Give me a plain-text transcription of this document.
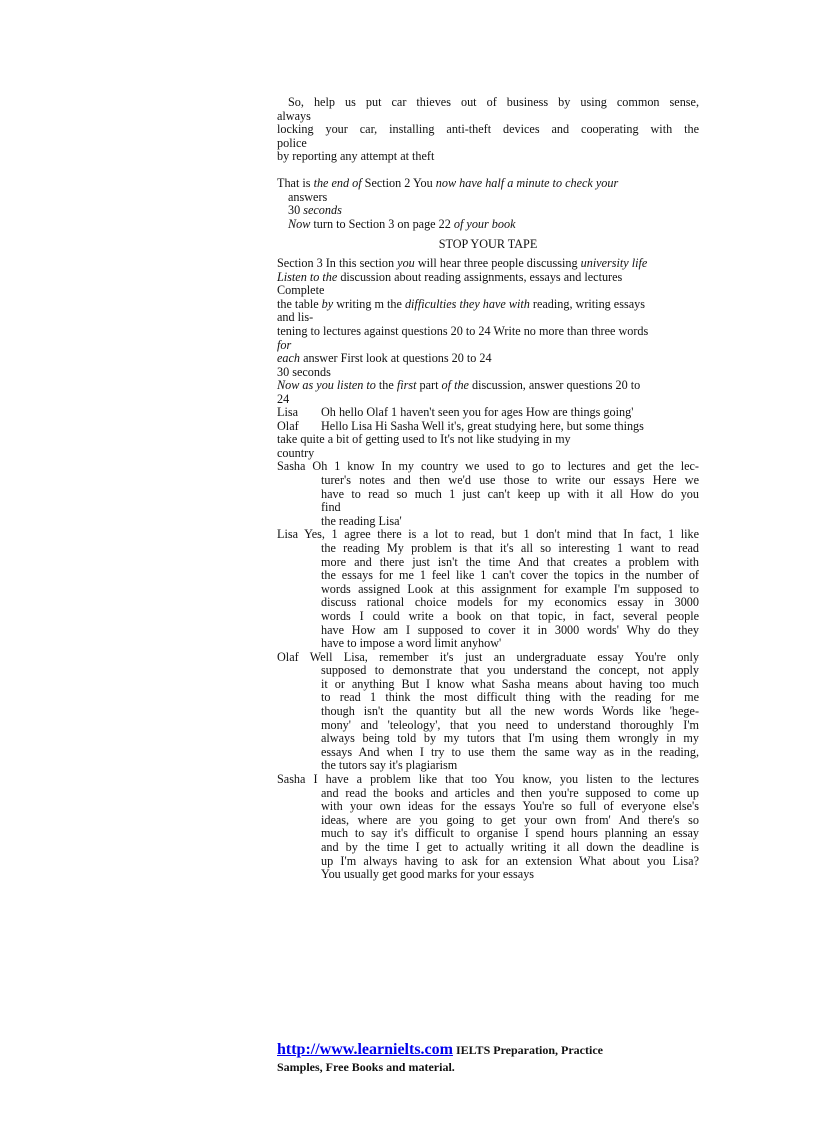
So, help us put car thieves out of business by using common sense,
always
locking your car, installing anti-theft devices and cooperating with the
police
by reporting any attempt at theft
That is the end of Section 2 You now have half a minute to check your
answers
30 seconds
Now turn to Section 3 on page 22 of your book
STOP YOUR TAPE
Section 3 In this section you will hear three people discussing university life
Listen to the discussion about reading assignments, essays and lectures
Complete
the table by writing m the difficulties they have with reading, writing essays
and lis-
tening to lectures against questions 20 to 24 Write no more than three words
for
each answer First look at questions 20 to 24
30 seconds
Now as you listen to the first part of the discussion, answer questions 20 to
24
Lisa Oh hello Olaf 1 haven't seen you for ages How are things going'
Olaf Hello Lisa Hi Sasha Well it's, great studying here, but some things
take quite a bit of getting used to It's not like studying in my
country
Sasha Oh 1 know In my country we used to go to lectures and get the lec-
turer's notes and then we'd use those to write our essays Here we
have to read so much 1 just can't keep up with it all How do you
find
the reading Lisa'
Lisa Yes, 1 agree there is a lot to read, but 1 don't mind that In fact, 1 like
the reading My problem is that it's all so interesting 1 want to read
more and there just isn't the time And that creates a problem with
the essays for me 1 feel like 1 can't cover the topics in the number of
words assigned Look at this assignment for example I'm supposed to
discuss rational choice models for my economics essay in 3000
words I could write a book on that topic, in fact, several people
have How am I supposed to cover it in 3000 words' Why do they
have to impose a word limit anyhow'
Olaf Well Lisa, remember it's just an undergraduate essay You're only
supposed to demonstrate that you understand the concept, not apply
it or anything But I know what Sasha means about having too much
to read 1 think the most difficult thing with the reading for me
though isn't the quantity but all the new words Words like 'hege-
mony' and 'teleology', that you need to understand thoroughly I'm
always being told by my tutors that I'm using them wrongly in my
essays And when I try to use them the same way as in the reading,
the tutors say it's plagiarism
Sasha I have a problem like that too You know, you listen to the lectures
and read the books and articles and then you're supposed to come up
with your own ideas for the essays You're so full of everyone else's
ideas, where are you going to get your own from' And there's so
much to say it's difficult to organise I spend hours planning an essay
and by the time I get to actually writing it all down the deadline is
up I'm always having to ask for an extension What about you Lisa?
You usually get good marks for your essays
http://www.learnielts.com IELTS Preparation, Practice
Samples, Free Books and material.
